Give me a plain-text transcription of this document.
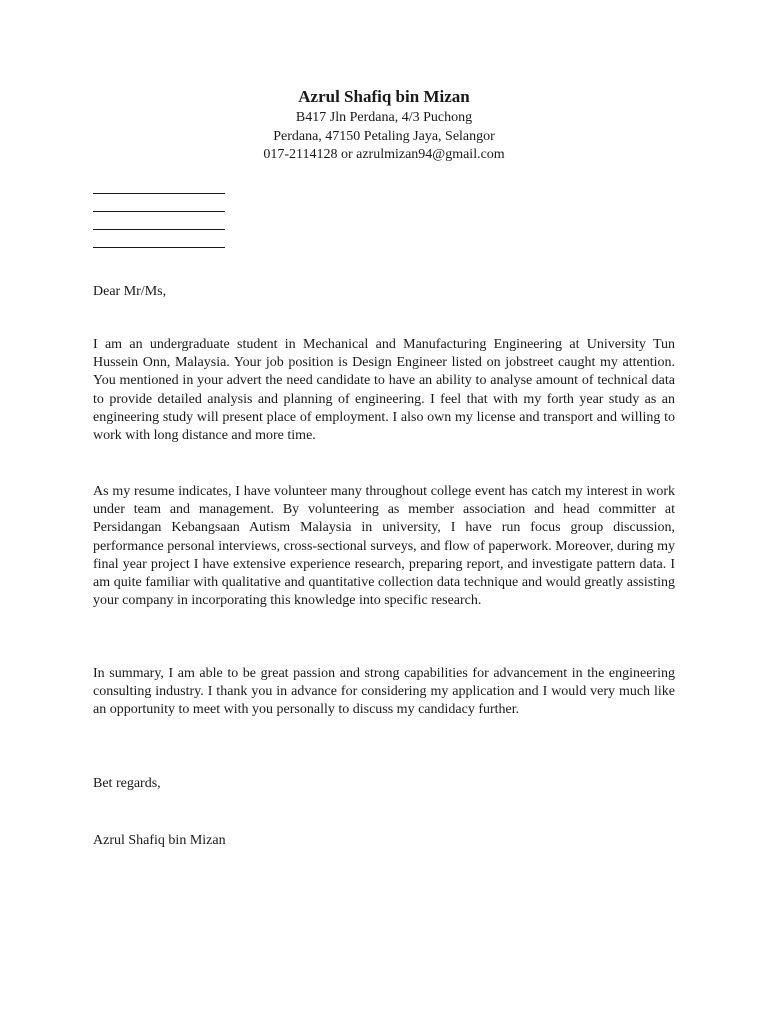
Azrul Shafiq bin Mizan
B417 Jln Perdana, 4/3 Puchong
Perdana, 47150 Petaling Jaya, Selangor
017-2114128 or azrulmizan94@gmail.com
Dear Mr/Ms,
I am an undergraduate student in Mechanical and Manufacturing Engineering at University Tun Hussein Onn, Malaysia. Your job position is Design Engineer listed on jobstreet caught my attention. You mentioned in your advert the need candidate to have an ability to analyse amount of technical data to provide detailed analysis and planning of engineering. I feel that with my forth year study as an engineering study will present place of employment. I also own my license and transport and willing to work with long distance and more time.
As my resume indicates, I have volunteer many throughout college event has catch my interest in work under team and management. By volunteering as member association and head committer at Persidangan Kebangsaan Autism Malaysia in university, I have run focus group discussion, performance personal interviews, cross-sectional surveys, and flow of paperwork. Moreover, during my final year project I have extensive experience research, preparing report, and investigate pattern data. I am quite familiar with qualitative and quantitative collection data technique and would greatly assisting your company in incorporating this knowledge into specific research.
In summary, I am able to be great passion and strong capabilities for advancement in the engineering consulting industry. I thank you in advance for considering my application and I would very much like an opportunity to meet with you personally to discuss my candidacy further.
Bet regards,
Azrul Shafiq bin Mizan
